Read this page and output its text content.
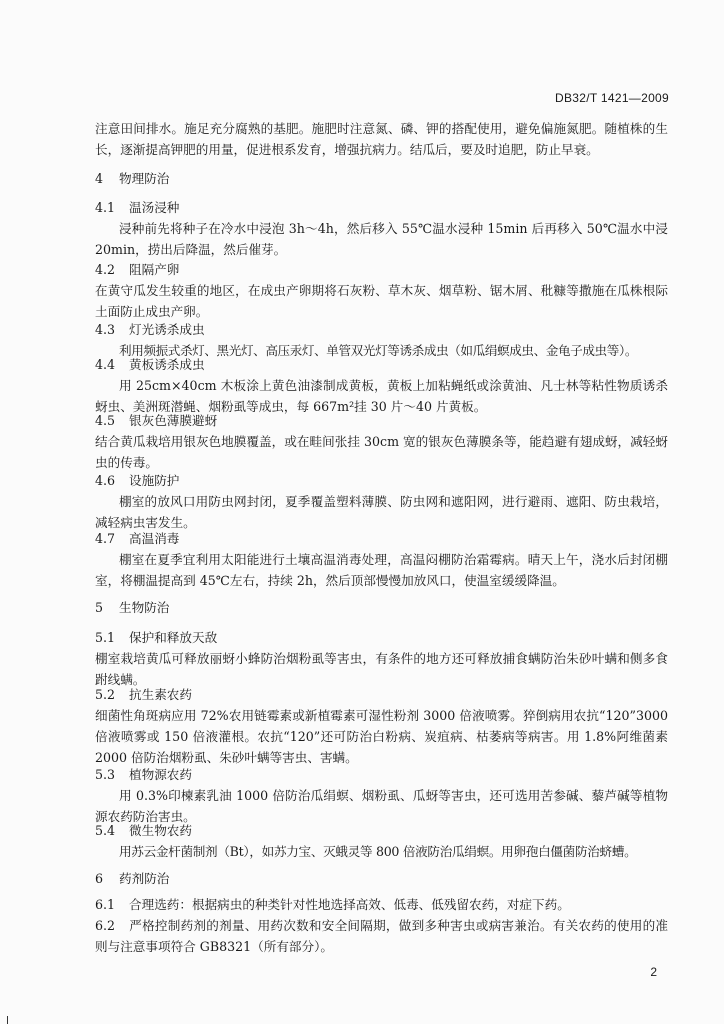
DB32/T 1421—2009

注意田间排水。施足充分腐熟的基肥。施肥时注意氮、磷、钾的搭配使用，避免偏施氮肥。随植株的生长，逐渐提高钾肥的用量，促进根系发育，增强抗病力。结瓜后，要及时追肥，防止早衰。

4 物理防治

4.1 温汤浸种

浸种前先将种子在冷水中浸泡 3h～4h，然后移入 55℃温水浸种 15min 后再移入 50℃温水中浸20min，捞出后降温，然后催芽。

4.2 阻隔产卵

在黄守瓜发生较重的地区，在成虫产卵期将石灰粉、草木灰、烟草粉、锯木屑、秕糠等撒施在瓜株根际土面防止成虫产卵。

4.3 灯光诱杀成虫

利用频振式杀灯、黑光灯、高压汞灯、单管双光灯等诱杀成虫（如瓜绢螟成虫、金龟子成虫等）。

4.4 黄板诱杀成虫

用 25cm×40cm 木板涂上黄色油漆制成黄板，黄板上加粘蝇纸或涂黄油、凡士林等粘性物质诱杀蚜虫、美洲斑潜蝇、烟粉虱等成虫，每 667m²挂 30 片～40 片黄板。

4.5 银灰色薄膜避蚜

结合黄瓜栽培用银灰色地膜覆盖，或在畦间张挂 30cm 宽的银灰色薄膜条等，能趋避有翅成蚜，减轻蚜虫的传毒。

4.6 设施防护

棚室的放风口用防虫网封闭，夏季覆盖塑料薄膜、防虫网和遮阳网，进行避雨、遮阳、防虫栽培，减轻病虫害发生。

4.7 高温消毒

棚室在夏季宜利用太阳能进行土壤高温消毒处理，高温闷棚防治霜霉病。晴天上午，浇水后封闭棚室，将棚温提高到 45℃左右，持续 2h，然后顶部慢慢加放风口，使温室缓缓降温。

5 生物防治

5.1 保护和释放天敌

棚室栽培黄瓜可释放丽蚜小蜂防治烟粉虱等害虫，有条件的地方还可释放捕食螨防治朱砂叶螨和侧多食跗线螨。

5.2 抗生素农药

细菌性角斑病应用 72%农用链霉素或新植霉素可湿性粉剂 3000 倍液喷雾。猝倒病用农抗“120”3000倍液喷雾或 150 倍液灌根。农抗“120”还可防治白粉病、炭疽病、枯萎病等病害。用 1.8%阿维菌素2000 倍防治烟粉虱、朱砂叶螨等害虫、害螨。

5.3 植物源农药

用 0.3%印楝素乳油 1000 倍防治瓜绢螟、烟粉虱、瓜蚜等害虫，还可选用苦参碱、藜芦碱等植物源农药防治害虫。

5.4 微生物农药

用苏云金杆菌制剂（Bt），如苏力宝、灭蛾灵等 800 倍液防治瓜绢螟。用卵孢白僵菌防治蛴螬。

6 药剂防治

6.1 合理选药：根据病虫的种类针对性地选择高效、低毒、低残留农药，对症下药。

6.2 严格控制药剂的剂量、用药次数和安全间隔期，做到多种害虫或病害兼治。有关农药的使用的准则与注意事项符合 GB8321（所有部分）。

2
